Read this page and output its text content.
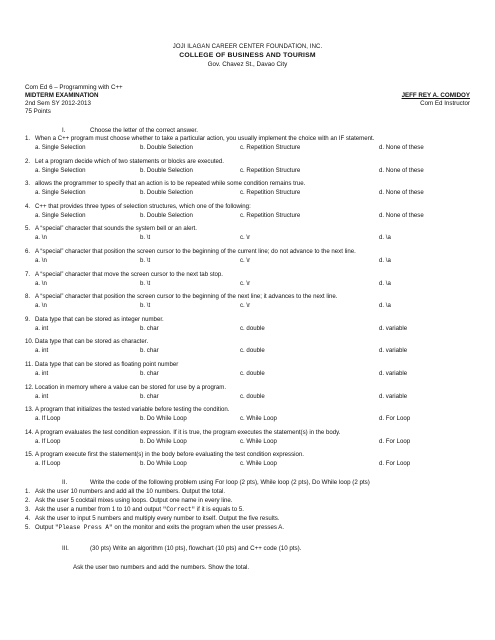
JOJI ILAGAN CAREER CENTER FOUNDATION, INC.
COLLEGE OF BUSINESS AND TOURISM
Gov. Chavez St., Davao City
Com Ed 6 – Programming with C++
MIDTERM EXAMINATION
2nd Sem SY 2012-2013
75 Points
JEFF REY A. COMIDOY
Com Ed Instructor
I.	Choose the letter of the correct answer.
1. When a C++ program must choose whether to take a particular action, you usually implement the choice with an IF statement.
a. Single Selection	b. Double Selection	c. Repetition Structure	d. None of these
2. Let a program decide which of two statements or blocks are executed.
a. Single Selection	b. Double Selection	c. Repetition Structure	d. None of these
3. allows the programmer to specify that an action is to be repeated while some condition remains true.
a. Single Selection	b. Double Selection	c. Repetition Structure	d. None of these
4. C++ that provides three types of selection structures, which one of the following:
a. Single Selection	b. Double Selection	c. Repetition Structure	d. None of these
5. A “special” character that sounds the system bell or an alert.
a. \n	b. \t	c. \r	d. \a
6. A “special” character that position the screen cursor to the beginning of the current line; do not advance to the next line.
a. \n	b. \t	c. \r	d. \a
7. A “special” character that move the screen cursor to the next tab stop.
a. \n	b. \t	c. \r	d. \a
8. A “special” character that position the screen cursor to the beginning of the next line; it advances to the next line.
a. \n	b. \t	c. \r	d. \a
9. Data type that can be stored as integer number.
a. int	b. char	c. double	d. variable
10. Data type that can be stored as character.
a. int	b. char	c. double	d. variable
11. Data type that can be stored as floating point number
a. int	b. char	c. double	d. variable
12. Location in memory where a value can be stored for use by a program.
a. int	b. char	c. double	d. variable
13. A program that initializes the tested variable before testing the condition.
a. If Loop	b. Do While Loop	c. While Loop	d. For Loop
14. A program evaluates the test condition expression. If it is true, the program executes the statement(s) in the body.
a. If Loop	b. Do While Loop	c. While Loop	d. For Loop
15. A program execute first the statement(s) in the body before evaluating the test condition expression.
a. If Loop	b. Do While Loop	c. While Loop	d. For Loop
II.	Write the code of the following problem using For loop (2 pts), While loop (2 pts), Do While loop (2 pts)
1. Ask the user 10 numbers and add all the 10 numbers. Output the total.
2. Ask the user 5 cocktail mixes using loops. Output one name in every line.
3. Ask the user a number from 1 to 10 and output "Correct" if it is equals to 5.
4. Ask the user to input 5 numbers and multiply every number to itself. Output the five results.
5. Output "Please Press A" on the monitor and exits the program when the user presses A.
III.	(30 pts) Write an algorithm (10 pts), flowchart (10 pts) and C++ code (10 pts).
Ask the user two numbers and add the numbers. Show the total.
